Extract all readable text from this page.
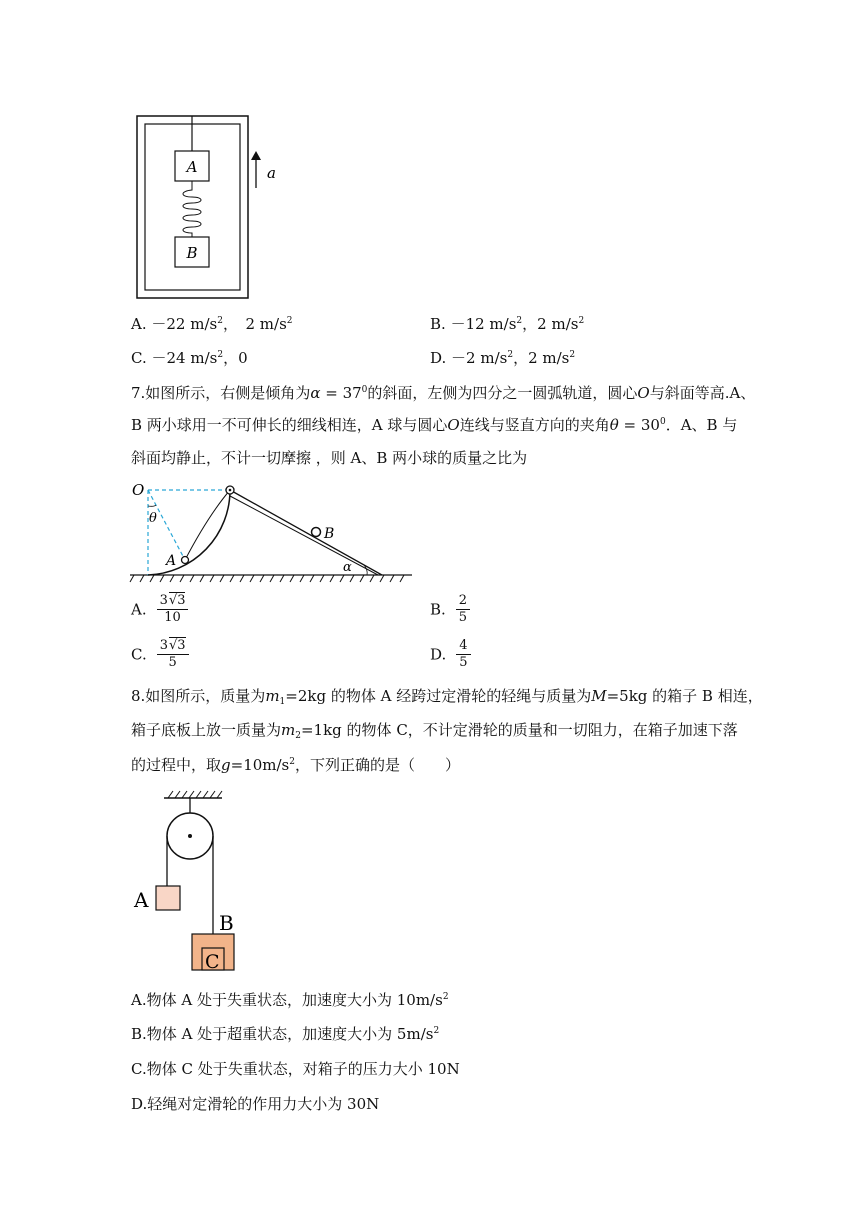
A
B
a
A. －22 $m/s^2$，　 2 $m/s^2$	B. －12 $m/s^2$，2 $m/s^2$
C. －24 $m/s^2$，0	D. －2 $m/s^2$，2 $m/s^2$
7.如图所示，右侧是倾角为$\alpha = 37^0$的斜面，左侧为四分之一圆弧轨道，圆心O与斜面等高.A、
B 两小球用一不可伸长的细线相连，A 球与圆心O连线与竖直方向的夹角$\theta = 30^0$．A、B 与
斜面均静止，不计一切摩擦 ，则 A、B 两小球的质量之比为
O
θ
A
B
α
A. $\frac{3√3}{10}$	B. $\frac{2}{5}$
C. $\frac{3√3}{5}$	D. $\frac{4}{5}$
8.如图所示，质量为$m_1=2kg$ 的物体 A 经跨过定滑轮的轻绳与质量为M=5kg 的箱子 B 相连，
箱子底板上放一质量为$m_2=1kg$ 的物体 C，不计定滑轮的质量和一切阻力，在箱子加速下落
的过程中，取$g=10m/s^2$，下列正确的是（　　）
A
B
C
A.物体 A 处于失重状态，加速度大小为 $10m/s^2$
B.物体 A 处于超重状态，加速度大小为 $5m/s^2$
C.物体 C 处于失重状态，对箱子的压力大小 10N
D.轻绳对定滑轮的作用力大小为 30N
